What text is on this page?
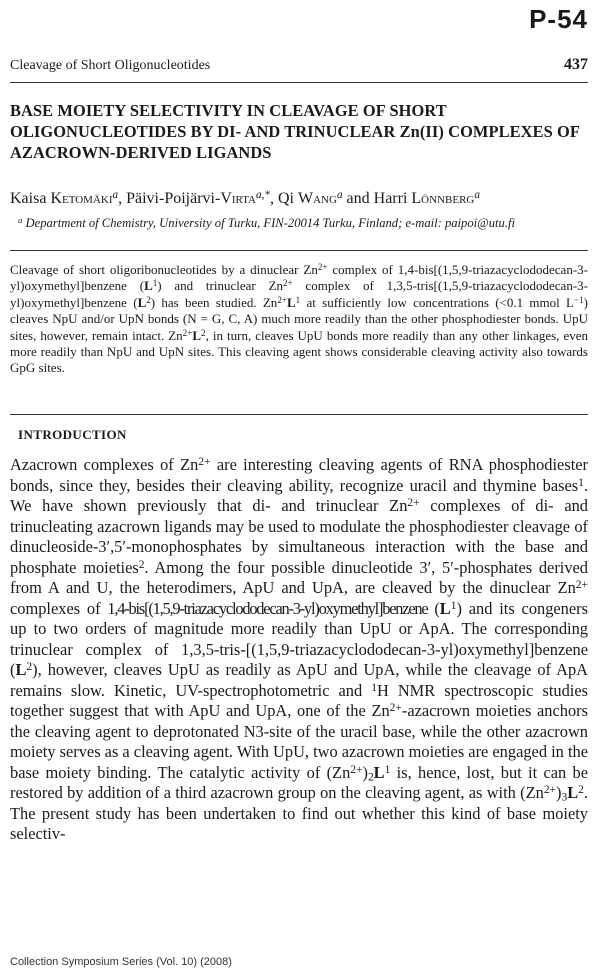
P-54
Cleavage of Short Oligonucleotides	437
BASE MOIETY SELECTIVITY IN CLEAVAGE OF SHORT OLIGONUCLEOTIDES BY DI- AND TRINUCLEAR Zn(II) COMPLEXES OF AZACROWN-DERIVED LIGANDS
Kaisa Ketomäki$^a$, Päivi-Poijärvi-Virta$^{a,*}$, Qi Wang$^a$ and Harri Lönnberg$^a$
$^a$ Department of Chemistry, University of Turku, FIN-20014 Turku, Finland; e-mail: paipoi@utu.fi
Cleavage of short oligoribonucleotides by a dinuclear $Zn^{2+}$ complex of 1,4-bis[(1,5,9-triazacyclododecan-3-yl)oxymethyl]benzene $(L^1)$ and trinuclear $Zn^{2+}$ complex of 1,3,5-tris[(1,5,9-triazacyclododecan-3-yl)oxymethyl]benzene $(L^2)$ has been studied. $Zn^{2+}L^1$ at sufficiently low concentrations (<0.1 mmol $L^{-1}$) cleaves NpU and/or UpN bonds (N = G, C, A) much more readily than the other phosphodiester bonds. UpU sites, however, remain intact. $Zn^{2+}L^2$, in turn, cleaves UpU bonds more readily than any other linkages, even more readily than NpU and UpN sites. This cleaving agent shows considerable cleaving activity also towards GpG sites.
INTRODUCTION
Azacrown complexes of $Zn^{2+}$ are interesting cleaving agents of RNA phosphodiester bonds, since they, besides their cleaving ability, recognize uracil and thymine bases$^1$. We have shown previously that di- and trinuclear $Zn^{2+}$ complexes of di- and trinucleating azacrown ligands may be used to modulate the phosphodiester cleavage of dinucleoside-3′,5′-monophosphates by simultaneous interaction with the base and phosphate moieties$^2$. Among the four possible dinucleotide 3′, 5′-phosphates derived from A and U, the heterodimers, ApU and UpA, are cleaved by the dinuclear $Zn^{2+}$ complexes of 1,4-bis[(1,5,9-triazacyclododecan-3-yl)oxymethyl]benzene $(L^1)$ and its congeners up to two orders of magnitude more readily than UpU or ApA. The corresponding trinuclear complex of 1,3,5-tris-[(1,5,9-triazacyclododecan-3-yl)oxymethyl]benzene $(L^2)$, however, cleaves UpU as readily as ApU and UpA, while the cleavage of ApA remains slow. Kinetic, UV-spectrophotometric and $^1$H NMR spectroscopic studies together suggest that with ApU and UpA, one of the $Zn^{2+}$-azacrown moieties anchors the cleaving agent to deprotonated N3-site of the uracil base, while the other azacrown moiety serves as a cleaving agent. With UpU, two azacrown moieties are engaged in the base moiety binding. The catalytic activity of $(Zn^{2+})_2L^1$ is, hence, lost, but it can be restored by addition of a third azacrown group on the cleaving agent, as with $(Zn^{2+})_3L^2$. The present study has been undertaken to find out whether this kind of base moiety selectiv-
Collection Symposium Series (Vol. 10) (2008)
